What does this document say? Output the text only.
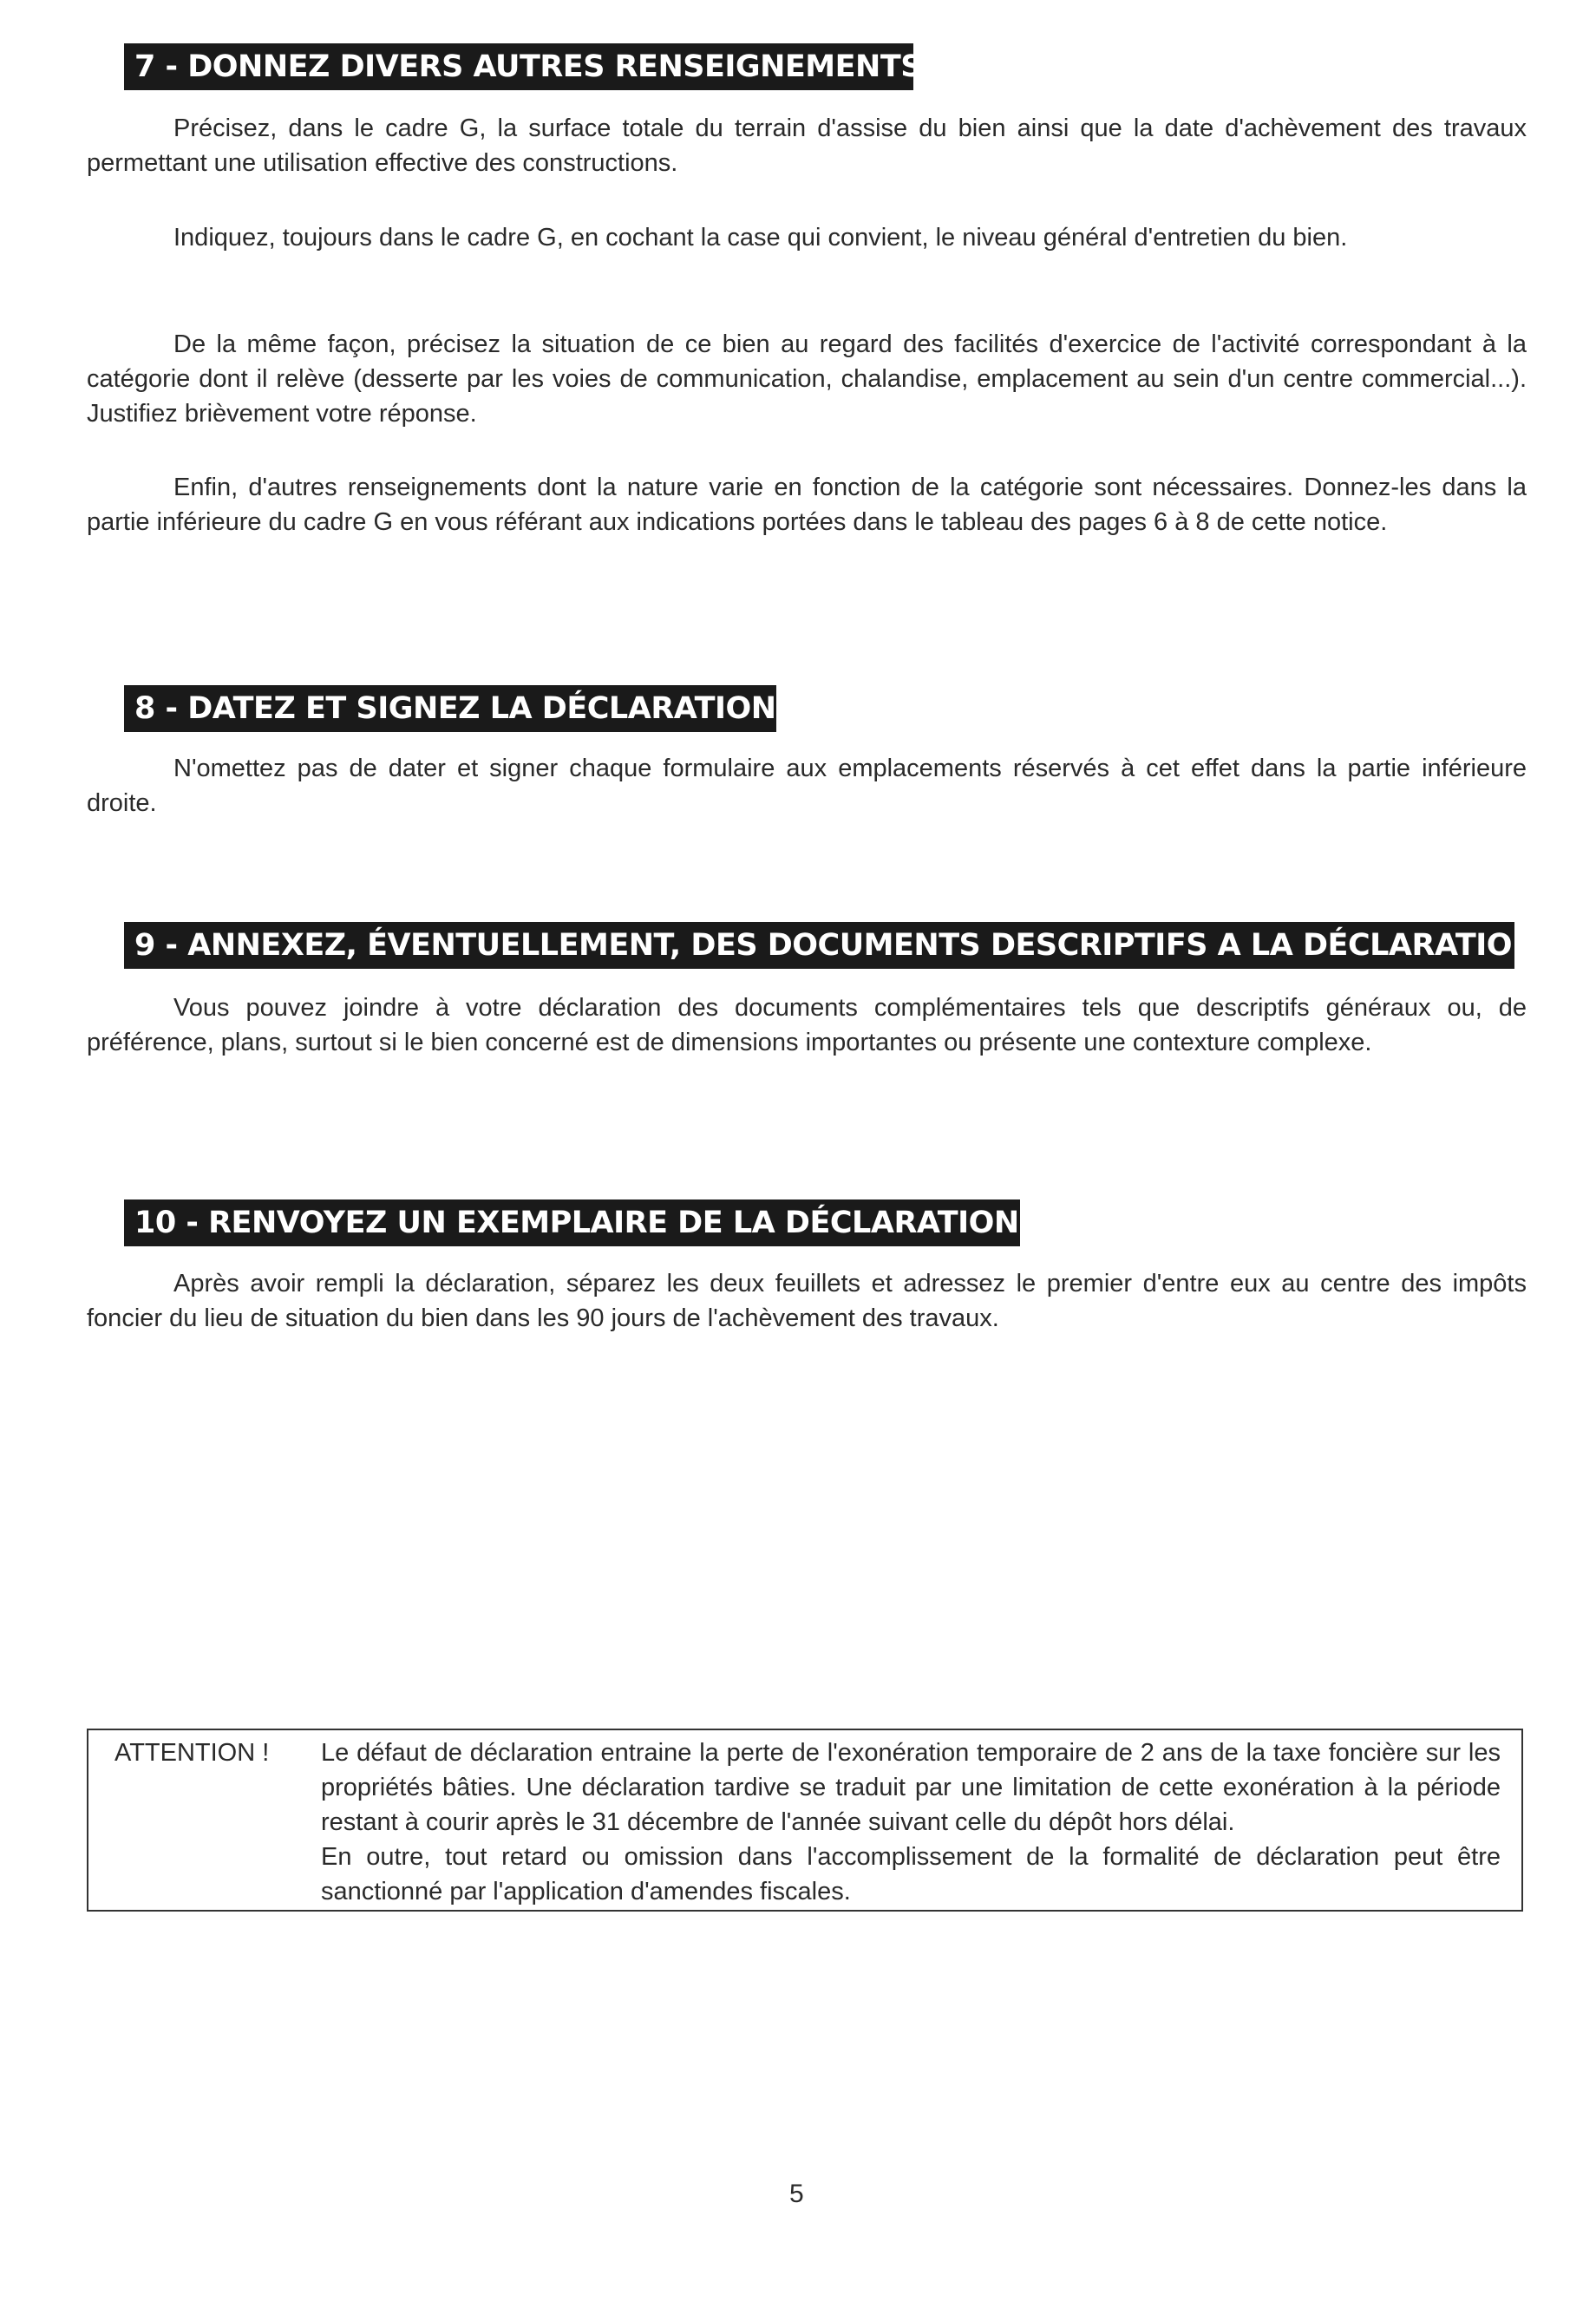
7 - DONNEZ DIVERS AUTRES RENSEIGNEMENTS

Précisez, dans le cadre G, la surface totale du terrain d'assise du bien ainsi que la date d'achèvement des travaux permettant une utilisation effective des constructions.

Indiquez, toujours dans le cadre G, en cochant la case qui convient, le niveau général d'entretien du bien.

De la même façon, précisez la situation de ce bien au regard des facilités d'exercice de l'activité correspondant à la catégorie dont il relève (desserte par les voies de communication, chalandise, emplacement au sein d'un centre commercial...). Justifiez brièvement votre réponse.

Enfin, d'autres renseignements dont la nature varie en fonction de la catégorie sont nécessaires. Donnez-les dans la partie inférieure du cadre G en vous référant aux indications portées dans le tableau des pages 6 à 8 de cette notice.

8 - DATEZ ET SIGNEZ LA DÉCLARATION

N'omettez pas de dater et signer chaque formulaire aux emplacements réservés à cet effet dans la partie inférieure droite.

9 - ANNEXEZ, ÉVENTUELLEMENT, DES DOCUMENTS DESCRIPTIFS A LA DÉCLARATION

Vous pouvez joindre à votre déclaration des documents complémentaires tels que descriptifs généraux ou, de préférence, plans, surtout si le bien concerné est de dimensions importantes ou présente une contexture complexe.

10 - RENVOYEZ UN EXEMPLAIRE DE LA DÉCLARATION

Après avoir rempli la déclaration, séparez les deux feuillets et adressez le premier d'entre eux au centre des impôts foncier du lieu de situation du bien dans les 90 jours de l'achèvement des travaux.

ATTENTION ! Le défaut de déclaration entraine la perte de l'exonération temporaire de 2 ans de la taxe foncière sur les propriétés bâties. Une déclaration tardive se traduit par une limitation de cette exonération à la période restant à courir après le 31 décembre de l'année suivant celle du dépôt hors délai.
En outre, tout retard ou omission dans l'accomplissement de la formalité de déclaration peut être sanctionné par l'application d'amendes fiscales.
5
